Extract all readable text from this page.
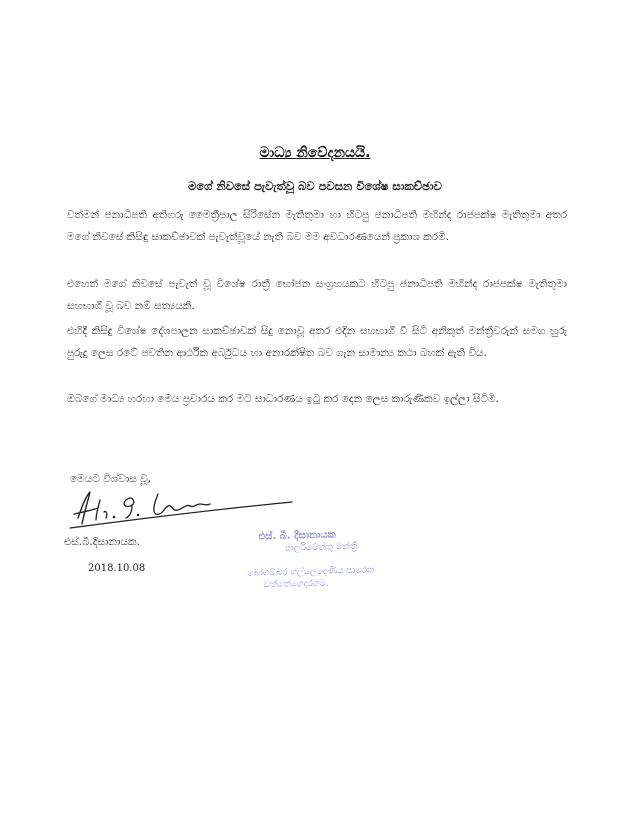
මාධ්‍ය නිවේදනයයි.
මගේ නිවසේ පැවැත්වූ බව පවසන විශේෂ සාකච්ඡාව
වත්මන් ජනාධිපති අතිගරු මෛත්‍රීපාල සිරිසේන මැතිතුමා හා හිටපු ජනාධිපති මහින්ද රාජපක්ෂ මැතිතුමා අතර මගේ නිවසේ කිසිඳු සාකච්ඡාවක් පැවැත්වූයේ නැති බව මම අවධාරණයෙන් ප්‍රකාශ කරමි.
එහෙත් මගේ නිවසේ පැවැත් වූ විශේෂ රාත්‍රී භෝජන සංග්‍රහයකට හිටපු ජනාධිපති මහින්ද රාජපක්ෂ මැතිතුමා සහභාගී වූ බව නම් සත්‍යයකි.
එහිදී කිසිදු විශේෂ දේශපාලන සාකච්ඡාවක් සිදු නොවූ අතර එදින සහභාගී වී සිටි අනිකුත් මන්ත්‍රීවරුන් සමග හුරු පුරුදු ලෙස රටේ පවතින ආර්ථික අර්බුධය හා අනාරක්ෂිත බව ගැන සාමාන්‍ය කථා බහක් ඇති විය.
ඔබගේ මාධ්‍ය හරහා මෙය ප්‍රචාරය කර මට සාධාරණය ඉටු කර දෙන ලෙස කාරුණිකව ඉල්ලා සිටිමි.
මෙයට විශ්වාස වූ,
එස්.බී.දිසානායක.
2018.10.08
එස්. බී. දිසානායක
පාර්ලිමේන්තු මන්ත්‍රී
බෝගම්බර ගල්ලෙදෙණිය පාරෙන
වත්තේගෙදරගම.
